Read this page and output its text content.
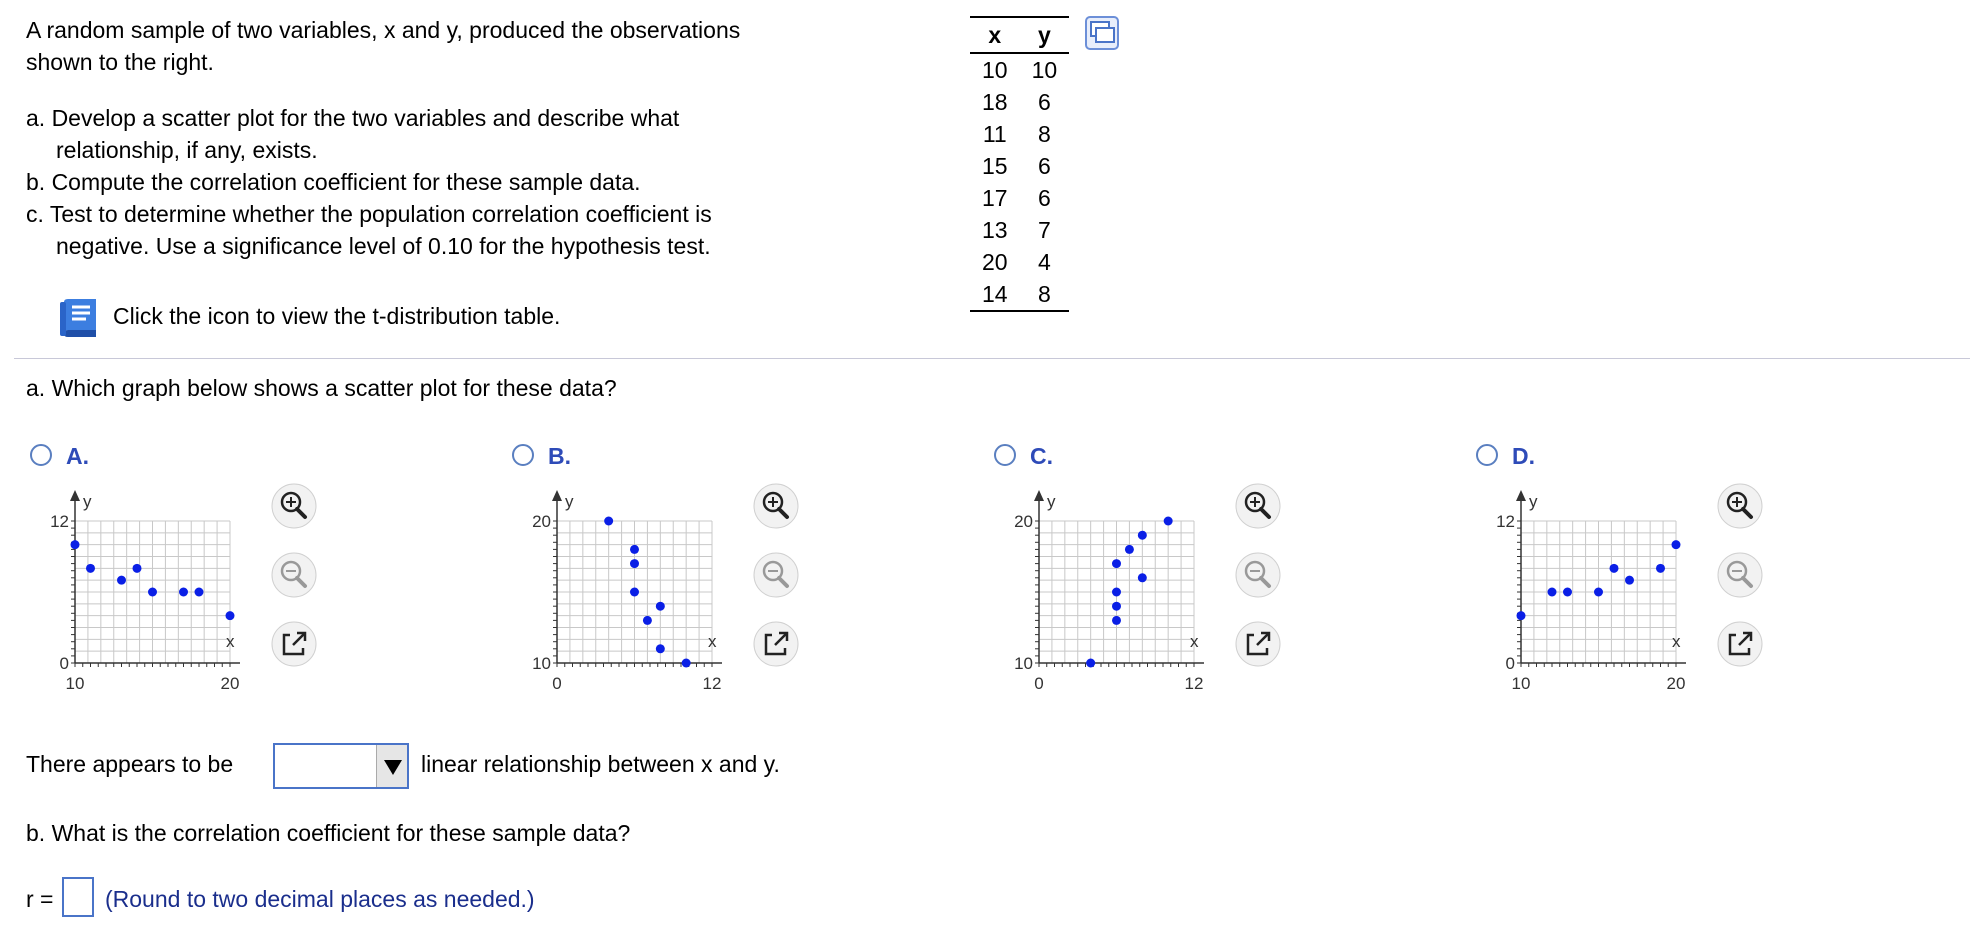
A random sample of two variables, x and y, produced the observations
shown to the right.
a. Develop a scatter plot for the two variables and describe what
relationship, if any, exists.
b. Compute the correlation coefficient for these sample data.
c. Test to determine whether the population correlation coefficient is
negative. Use a significance level of 0.10 for the hypothesis test.
Click the icon to view the t-distribution table.
x	y
10	10
18	6
11	8
15	6
17	6
13	7
20	4
14	8
a. Which graph below shows a scatter plot for these data?
A.	B.	C.	D.
y
x
12
0
10	20
y
x
20
10
0	12
y
x
20
10
0	12
y
x
12
0
10	20
There appears to be	linear relationship between x and y.
b. What is the correlation coefficient for these sample data?
r = (Round to two decimal places as needed.)
